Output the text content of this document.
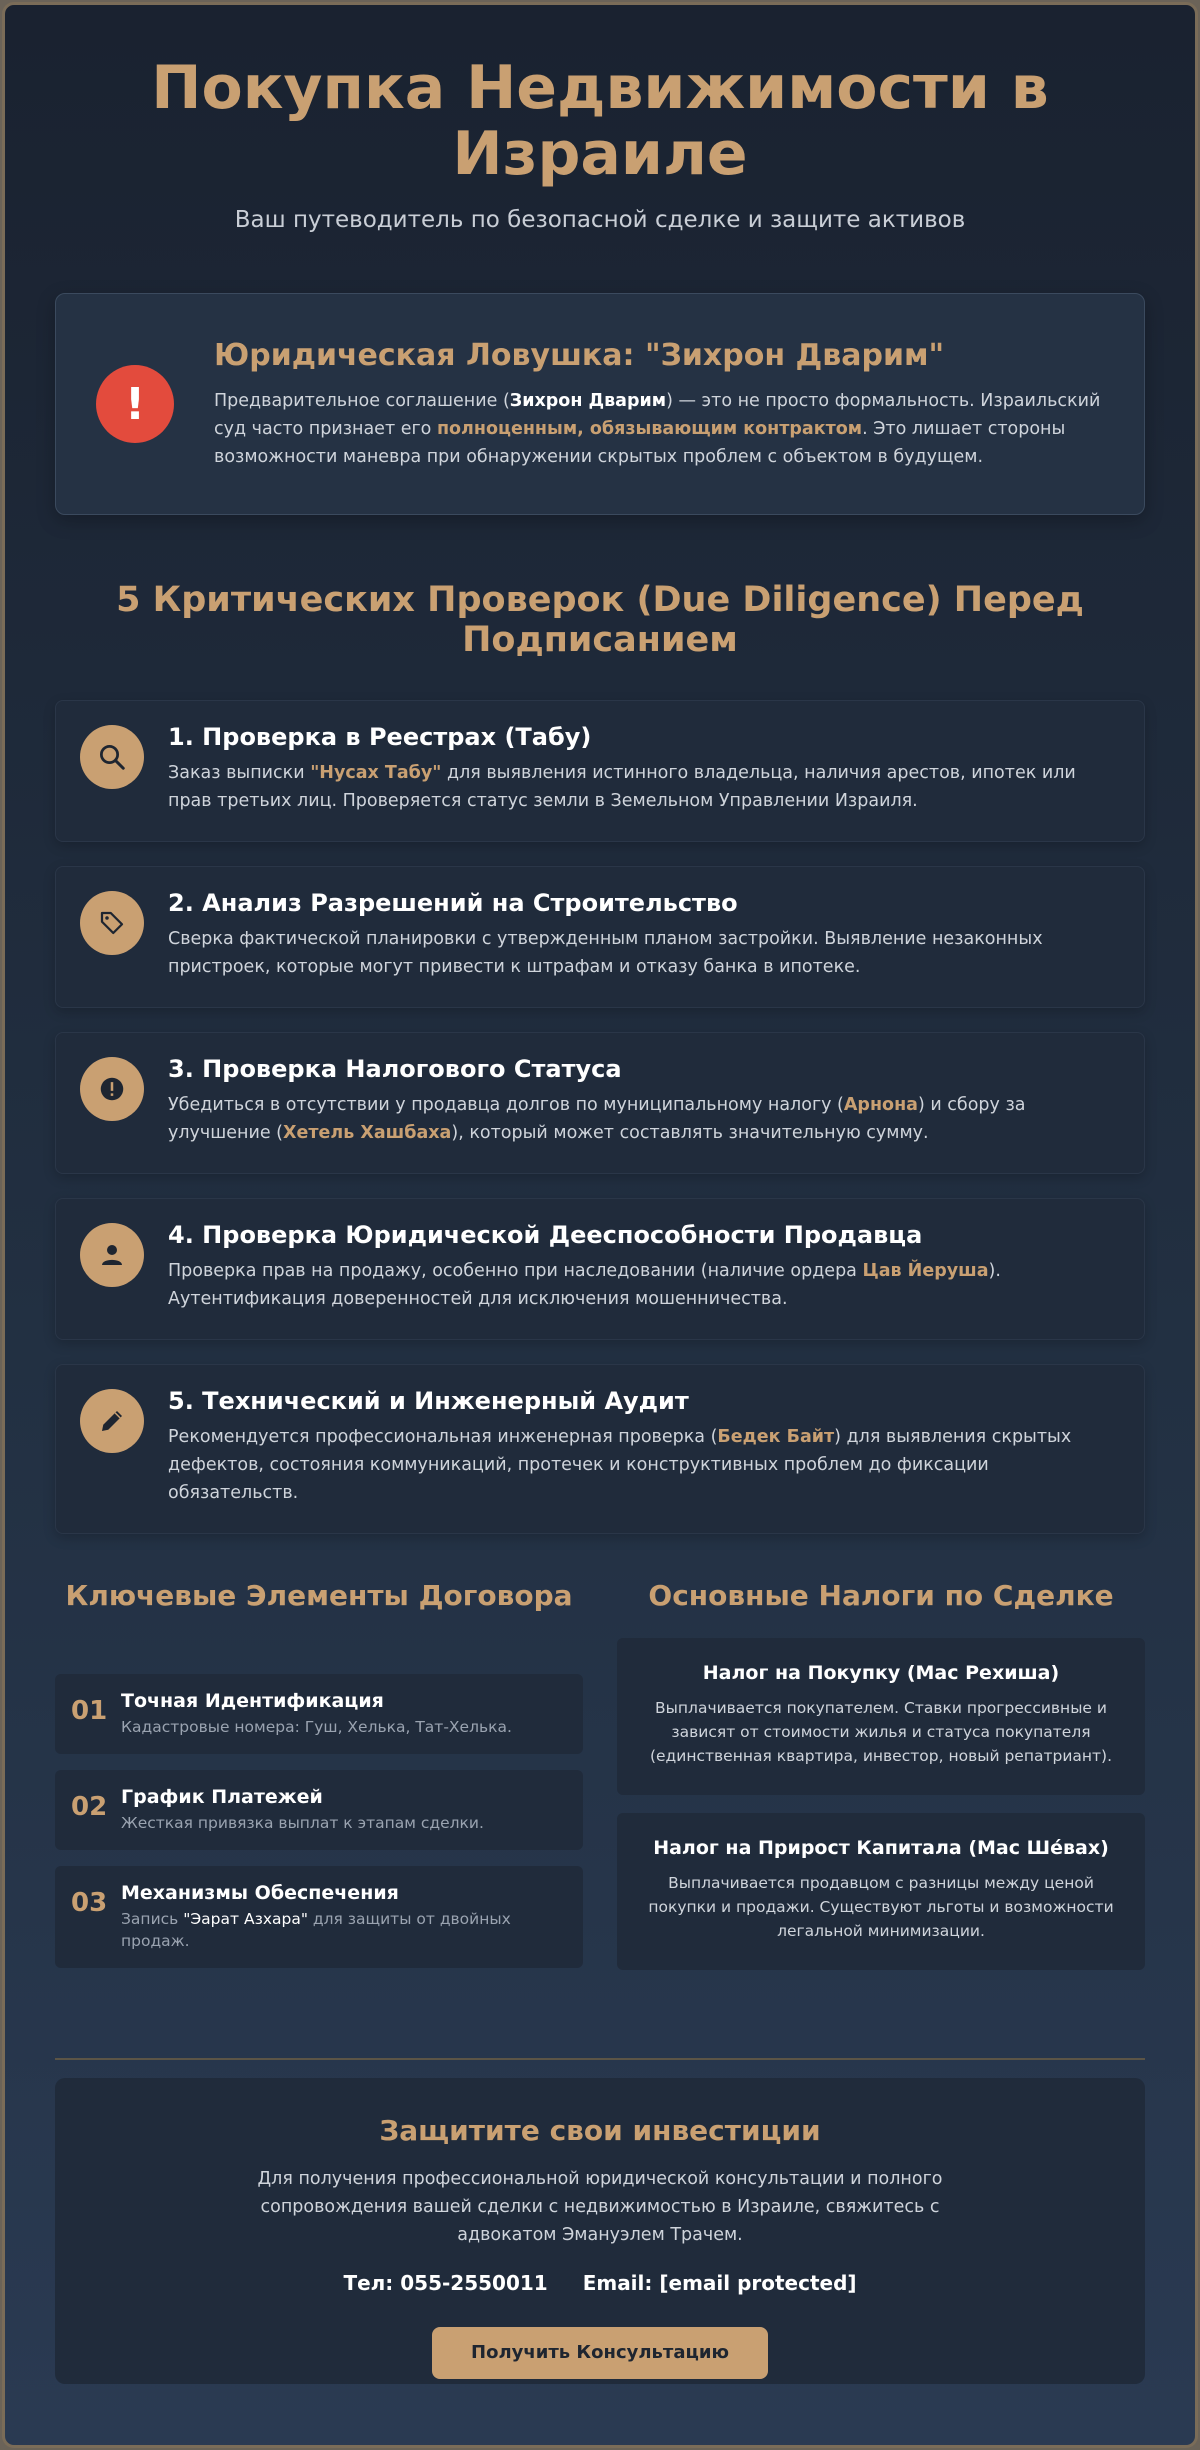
Покупка Недвижимости в Израиле
Ваш путеводитель по безопасной сделке и защите активов
!
Юридическая Ловушка: "Зихрон Дварим"

Предварительное соглашение (Зихрон Дварим) — это не просто формальность. Израильский суд часто признает его полноценным, обязывающим контрактом. Это лишает стороны возможности маневра при обнаружении скрытых проблем с объектом в будущем.

5 Критических Проверок (Due Diligence) Перед Подписанием
1. Проверка в Реестрах (Табу)

Заказ выписки "Нусах Табу" для выявления истинного владельца, наличия арестов, ипотек или прав третьих лиц. Проверяется статус земли в Земельном Управлении Израиля.

2. Анализ Разрешений на Строительство

Сверка фактической планировки с утвержденным планом застройки. Выявление незаконных пристроек, которые могут привести к штрафам и отказу банка в ипотеке.

3. Проверка Налогового Статуса

Убедиться в отсутствии у продавца долгов по муниципальному налогу (Арнона) и сбору за улучшение (Хетель Хашбаха), который может составлять значительную сумму.

4. Проверка Юридической Дееспособности Продавца

Проверка прав на продажу, особенно при наследовании (наличие ордера Цав Йеруша). Аутентификация доверенностей для исключения мошенничества.

5. Технический и Инженерный Аудит

Рекомендуется профессиональная инженерная проверка (Бедек Байт) для выявления скрытых дефектов, состояния коммуникаций, протечек и конструктивных проблем до фиксации обязательств.

Ключевые Элементы Договора
01 Точная Идентификация

Кадастровые номера: Гуш, Хелька, Тат-Хелька.

02 График Платежей

Жесткая привязка выплат к этапам сделки.

03 Механизмы Обеспечения

Запись "Эарат Азхара" для защиты от двойных продаж.

Основные Налоги по Сделке
Налог на Покупку (Мас Рехиша)

Выплачивается покупателем. Ставки прогрессивные и зависят от стоимости жилья и статуса покупателя (единственная квартира, инвестор, новый репатриант).

Налог на Прирост Капитала (Мас Шéвах)

Выплачивается продавцом с разницы между ценой покупки и продажи. Существуют льготы и возможности легальной минимизации.

Защитите свои инвестиции

Для получения профессиональной юридической консультации и полного сопровождения вашей сделки с недвижимостью в Израиле, свяжитесь с адвокатом Эмануэлем Трачем.

Тел: 055-2550011 Email: [email protected]
Получить Консультацию
